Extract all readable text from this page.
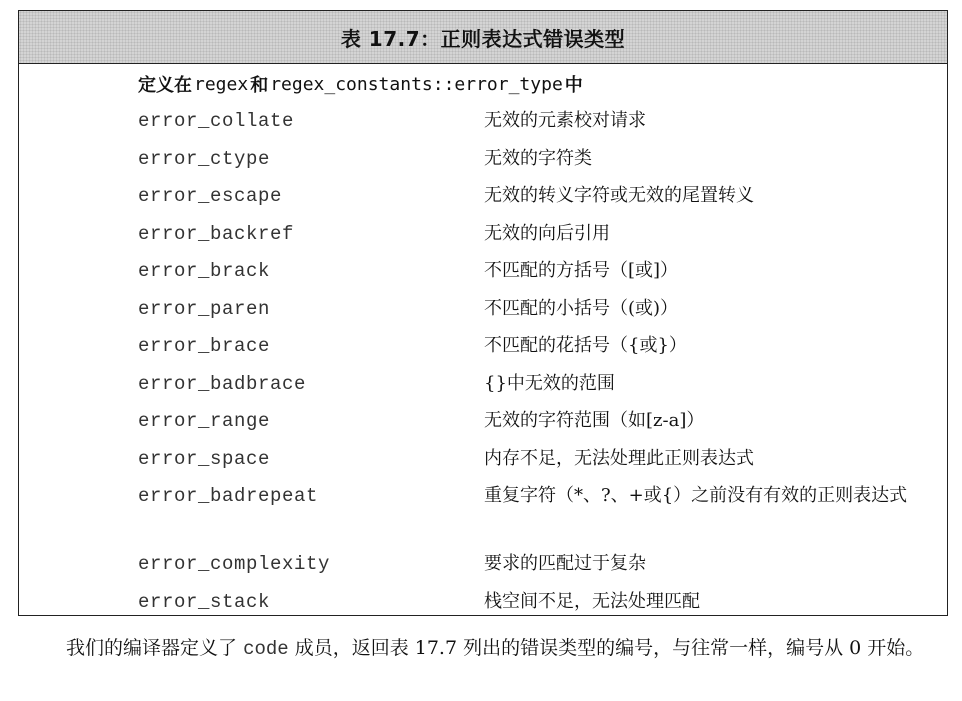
表 17.7：正则表达式错误类型
定义在 regex 和 regex_constants::error_type 中
error_collate	无效的元素校对请求
error_ctype	无效的字符类
error_escape	无效的转义字符或无效的尾置转义
error_backref	无效的向后引用
error_brack	不匹配的方括号（[或]）
error_paren	不匹配的小括号（(或)）
error_brace	不匹配的花括号（{或}）
error_badbrace	{}中无效的范围
error_range	无效的字符范围（如[z-a]）
error_space	内存不足，无法处理此正则表达式
error_badrepeat	重复字符（*、?、+或{）之前没有有效的正则表达式
error_complexity	要求的匹配过于复杂
error_stack	栈空间不足，无法处理匹配

我们的编译器定义了 code 成员，返回表 17.7 列出的错误类型的编号，与往常一样，编号从 0 开始。
